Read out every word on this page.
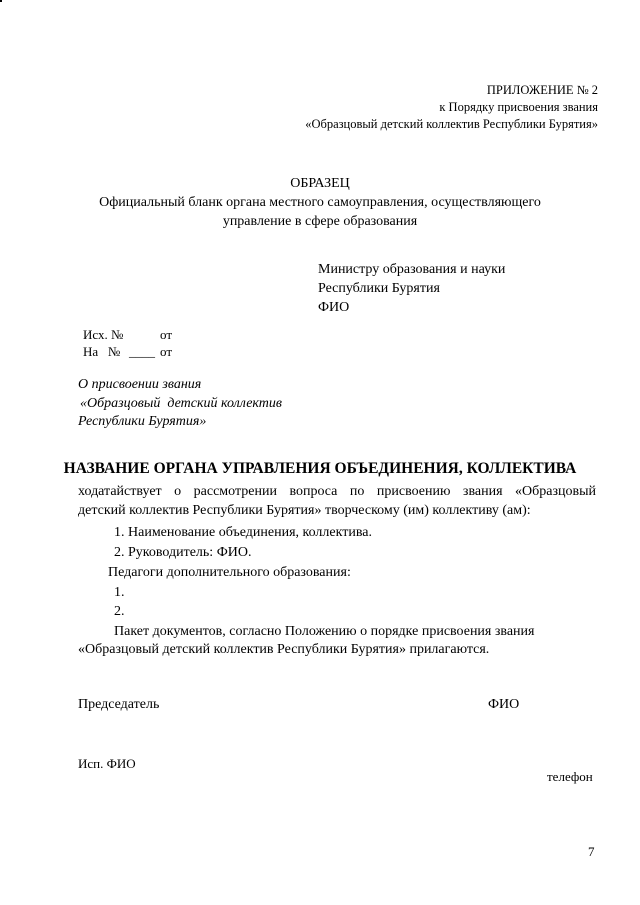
ПРИЛОЖЕНИЕ № 2
к Порядку присвоения звания
«Образцовый детский коллектив Республики Бурятия»
ОБРАЗЕЦ
Официальный бланк органа местного самоуправления, осуществляющего
управление в сфере образования
Министру образования и науки
Республики Бурятия
ФИО
Исх. №	от
На   № ____ от
О присвоении звания
«Образцовый  детский коллектив
Республики Бурятия»
НАЗВАНИЕ ОРГАНА УПРАВЛЕНИЯ ОБЪЕДИНЕНИЯ, КОЛЛЕКТИВА
ходатайствует о рассмотрении вопроса по присвоению звания «Образцовый
детский коллектив Республики Бурятия» творческому (им) коллективу (ам):
1. Наименование объединения, коллектива.
2. Руководитель: ФИО.
Педагоги дополнительного образования:
1.
2.
Пакет документов, согласно Положению о порядке присвоения звания
«Образцовый детский коллектив Республики Бурятия» прилагаются.
Председатель	ФИО
Исп. ФИО
телефон
7
